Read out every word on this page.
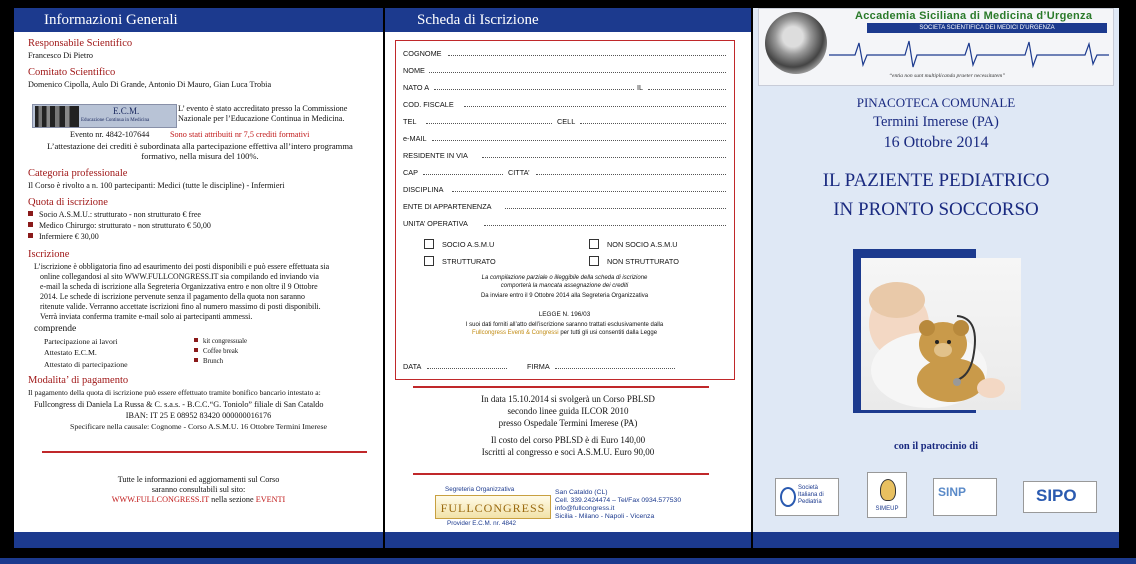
Informazioni Generali
Responsabile Scientifico
Francesco Di Pietro
Comitato Scientifico
Domenico Cipolla, Aulo Di Grande, Antonio Di Mauro, Gian Luca Trobia
E.C.M.
Educazione Continua in Medicina
L’ evento è stato accreditato presso la Commissione
Nazionale per l’Educazione Continua in Medicina.
Evento nr. 4842-107644	Sono stati attribuiti nr 7,5 crediti formativi
L’attestazione dei crediti è subordinata alla partecipazione effettiva all’intero programma formativo, nella misura del 100%.
Categoria professionale
Il Corso è rivolto a n. 100 partecipanti: Medici (tutte le discipline) - Infermieri
Quota di iscrizione
Socio A.S.M.U.: strutturato - non strutturato € free
Medico Chirurgo: strutturato - non strutturato € 50,00
Infermiere € 30,00
Iscrizione
L’iscrizione è obbligatoria fino ad esaurimento dei posti disponibili e può essere effettuata sia
online collegandosi al sito WWW.FULLCONGRESS.IT sia compilando ed inviando via
e-mail la scheda di iscrizione alla Segreteria Organizzativa entro e non oltre il 9 Ottobre
2014. Le schede di iscrizione pervenute senza il pagamento della quota non saranno
ritenute valide. Verranno accettate iscrizioni fino al numero massimo di posti disponibili.
Verrà inviata conferma tramite e-mail solo ai partecipanti ammessi.
comprende
Partecipazione ai lavori
Attestato E.C.M.
Attestato di partecipazione
kit congressuale
Coffee break
Brunch
Modalita’ di pagamento
Il pagamento della quota di iscrizione può essere effettuato tramite bonifico bancario intestato a:
Fullcongress di Daniela La Russa & C. s.a.s. - B.C.C.“G. Toniolo” filiale di San Cataldo
IBAN: IT 25 E 08952 83420 000000016176
Specificare nella causale: Cognome - Corso A.S.M.U. 16 Ottobre Termini Imerese
Tutte le informazioni ed aggiornamenti sul Corso
saranno consultabili sul sito:
WWW.FULLCONGRESS.IT nella sezione EVENTI
Scheda di Iscrizione
COGNOME
NOME
NATO A	IL
COD. FISCALE
TEL	CELL
e-MAIL
RESIDENTE IN VIA
CAP	CITTA’
DISCIPLINA
ENTE DI APPARTENENZA
UNITA’ OPERATIVA
SOCIO A.S.M.U	NON SOCIO A.S.M.U
STRUTTURATO	NON STRUTTURATO
La compilazione parziale o illeggibile della scheda di iscrizione
comporterà la mancata assegnazione dei crediti
Da inviare entro il 9 Ottobre 2014 alla Segreteria Organizzativa
LEGGE N. 196/03
I suoi dati forniti all’atto dell’iscrizione saranno trattati esclusivamente dalla
Fullcongress Eventi & Congressi per tutti gli usi consentiti dalla Legge
DATA	FIRMA
In data 15.10.2014 si svolgerà un Corso PBLSD
secondo linee guida ILCOR 2010
presso Ospedale Termini Imerese (PA)
Il costo del corso PBLSD è di Euro 140,00
Iscritti al congresso e soci A.S.M.U. Euro 90,00
Segreteria Organizzativa
FULLCONGRESS
Provider E.C.M. nr. 4842
San Cataldo (CL)
Cell. 339.2424474 – Tel/Fax 0934.577530
info@fullcongress.it
Sicilia - Milano - Napoli - Vicenza
Accademia Siciliana di Medicina d’Urgenza
SOCIETA SCIENTIFICA DEI MEDICI D’URGENZA
“entia non sunt multiplicanda praeter necessitatem”
PINACOTECA COMUNALE
Termini Imerese (PA)
16 Ottobre 2014
IL PAZIENTE PEDIATRICO
IN PRONTO SOCCORSO
con il patrocinio di
Società Italiana di Pediatria
SIMEUP
SINP	SIPO
